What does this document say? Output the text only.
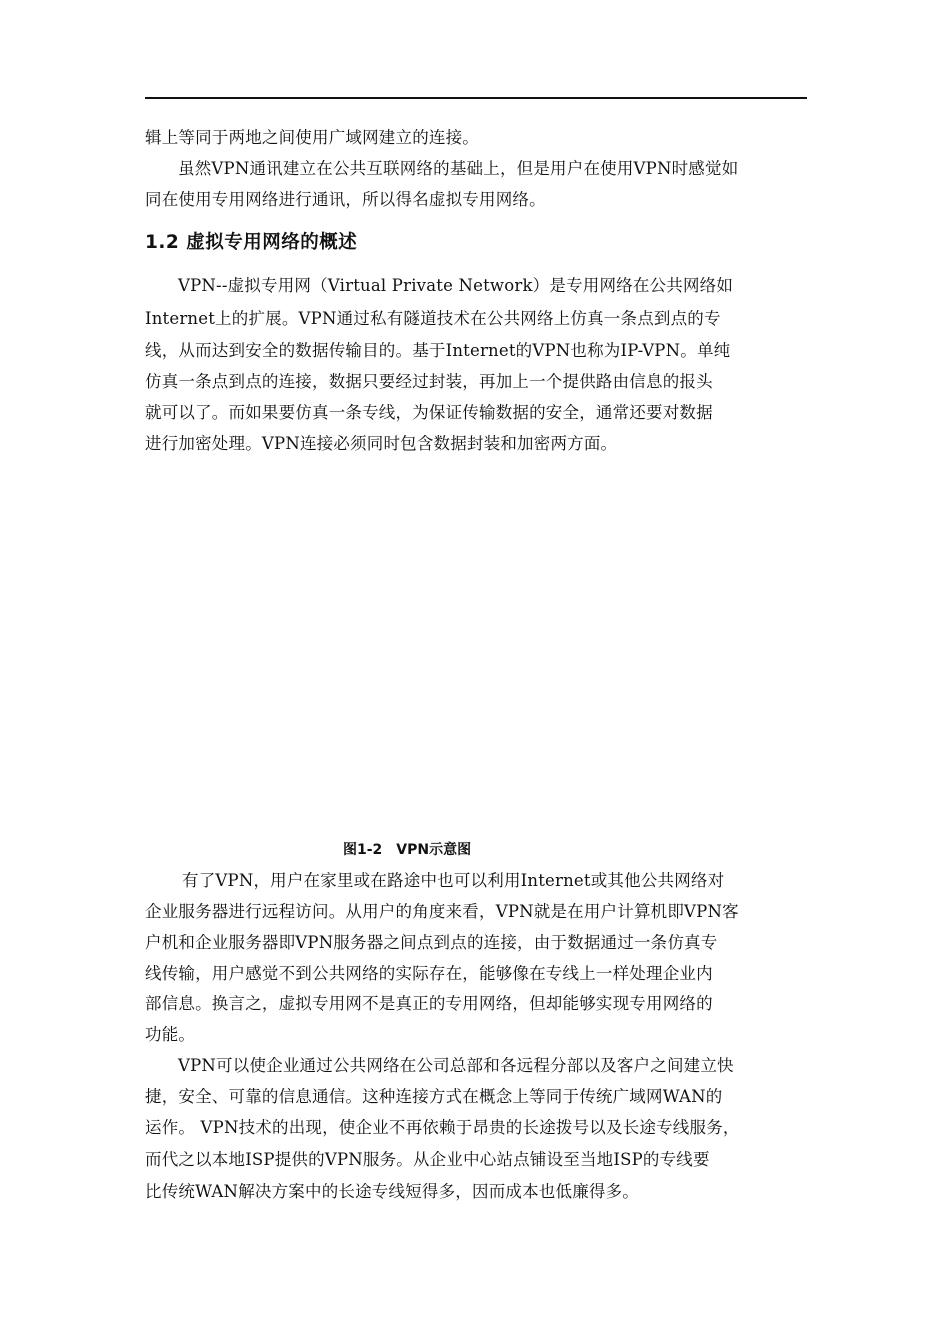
辑上等同于两地之间使用广域网建立的连接。
虽然VPN通讯建立在公共互联网络的基础上，但是用户在使用VPN时感觉如
同在使用专用网络进行通讯，所以得名虚拟专用网络。
1.2 虚拟专用网络的概述
VPN--虚拟专用网（Virtual Private Network）是专用网络在公共网络如
Internet上的扩展。VPN通过私有隧道技术在公共网络上仿真一条点到点的专
线，从而达到安全的数据传输目的。基于Internet的VPN也称为IP-VPN。单纯
仿真一条点到点的连接，数据只要经过封装，再加上一个提供路由信息的报头
就可以了。而如果要仿真一条专线，为保证传输数据的安全，通常还要对数据
进行加密处理。VPN连接必须同时包含数据封装和加密两方面。
图1-2　VPN示意图
有了VPN，用户在家里或在路途中也可以利用Internet或其他公共网络对
企业服务器进行远程访问。从用户的角度来看，VPN就是在用户计算机即VPN客
户机和企业服务器即VPN服务器之间点到点的连接，由于数据通过一条仿真专
线传输，用户感觉不到公共网络的实际存在，能够像在专线上一样处理企业内
部信息。换言之，虚拟专用网不是真正的专用网络，但却能够实现专用网络的
功能。
VPN可以使企业通过公共网络在公司总部和各远程分部以及客户之间建立快
捷，安全、可靠的信息通信。这种连接方式在概念上等同于传统广域网WAN的
运作。 VPN技术的出现，使企业不再依赖于昂贵的长途拨号以及长途专线服务，
而代之以本地ISP提供的VPN服务。从企业中心站点铺设至当地ISP的专线要
比传统WAN解决方案中的长途专线短得多，因而成本也低廉得多。
